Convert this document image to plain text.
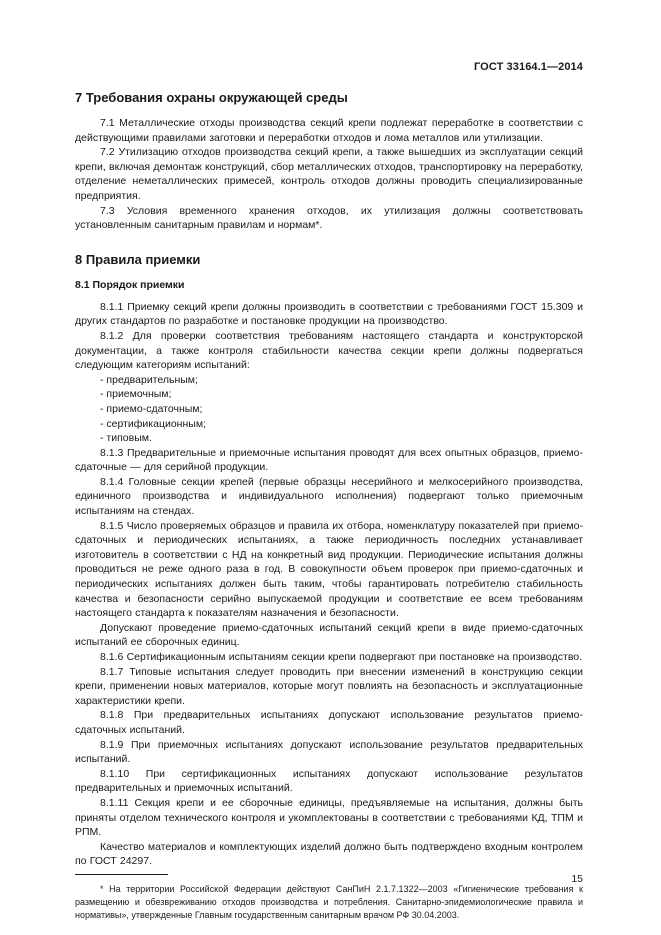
ГОСТ 33164.1—2014
7 Требования охраны окружающей среды

7.1 Металлические отходы производства секций крепи подлежат переработке в соответствии с действующими правилами заготовки и переработки отходов и лома металлов или утилизации.

7.2 Утилизацию отходов производства секций крепи, а также вышедших из эксплуатации секций крепи, включая демонтаж конструкций, сбор металлических отходов, транспортировку на переработку, отделение неметаллических примесей, контроль отходов должны проводить специализированные предприятия.

7.3 Условия временного хранения отходов, их утилизация должны соответствовать установленным санитарным правилам и нормам*.

8 Правила приемки
8.1 Порядок приемки

8.1.1 Приемку секций крепи должны производить в соответствии с требованиями ГОСТ 15.309 и других стандартов по разработке и постановке продукции на производство.

8.1.2 Для проверки соответствия требованиям настоящего стандарта и конструкторской документации, а также контроля стабильности качества секции крепи должны подвергаться следующим категориям испытаний:

- предварительным;

- приемочным;

- приемо-сдаточным;

- сертификационным;

- типовым.

8.1.3 Предварительные и приемочные испытания проводят для всех опытных образцов, приемо-сдаточные — для серийной продукции.

8.1.4 Головные секции крепей (первые образцы несерийного и мелкосерийного производства, единичного производства и индивидуального исполнения) подвергают только приемочным испытаниям на стендах.

8.1.5 Число проверяемых образцов и правила их отбора, номенклатуру показателей при приемо-сдаточных и периодических испытаниях, а также периодичность последних устанавливает изготовитель в соответствии с НД на конкретный вид продукции. Периодические испытания должны проводиться не реже одного раза в год. В совокупности объем проверок при приемо-сдаточных и периодических испытаниях должен быть таким, чтобы гарантировать потребителю стабильность качества и безопасности серийно выпускаемой продукции и соответствие ее всем требованиям настоящего стандарта к показателям назначения и безопасности.

Допускают проведение приемо-сдаточных испытаний секций крепи в виде приемо-сдаточных испытаний ее сборочных единиц.

8.1.6 Сертификационным испытаниям секции крепи подвергают при постановке на производство.

8.1.7 Типовые испытания следует проводить при внесении изменений в конструкцию секции крепи, применении новых материалов, которые могут повлиять на безопасность и эксплуатационные характеристики крепи.

8.1.8 При предварительных испытаниях допускают использование результатов приемо-сдаточных испытаний.

8.1.9 При приемочных испытаниях допускают использование результатов предварительных испытаний.

8.1.10 При сертификационных испытаниях допускают использование результатов предварительных и приемочных испытаний.

8.1.11 Секция крепи и ее сборочные единицы, предъявляемые на испытания, должны быть приняты отделом технического контроля и укомплектованы в соответствии с требованиями КД, ТПМ и РПМ.

Качество материалов и комплектующих изделий должно быть подтверждено входным контролем по ГОСТ 24297.

* На территории Российской Федерации действуют СанПиН 2.1.7.1322—2003 «Гигиенические требования к размещению и обезвреживанию отходов производства и потребления. Санитарно-эпидемиологические правила и нормативы», утвержденные Главным государственным санитарным врачом РФ 30.04.2003.

15
